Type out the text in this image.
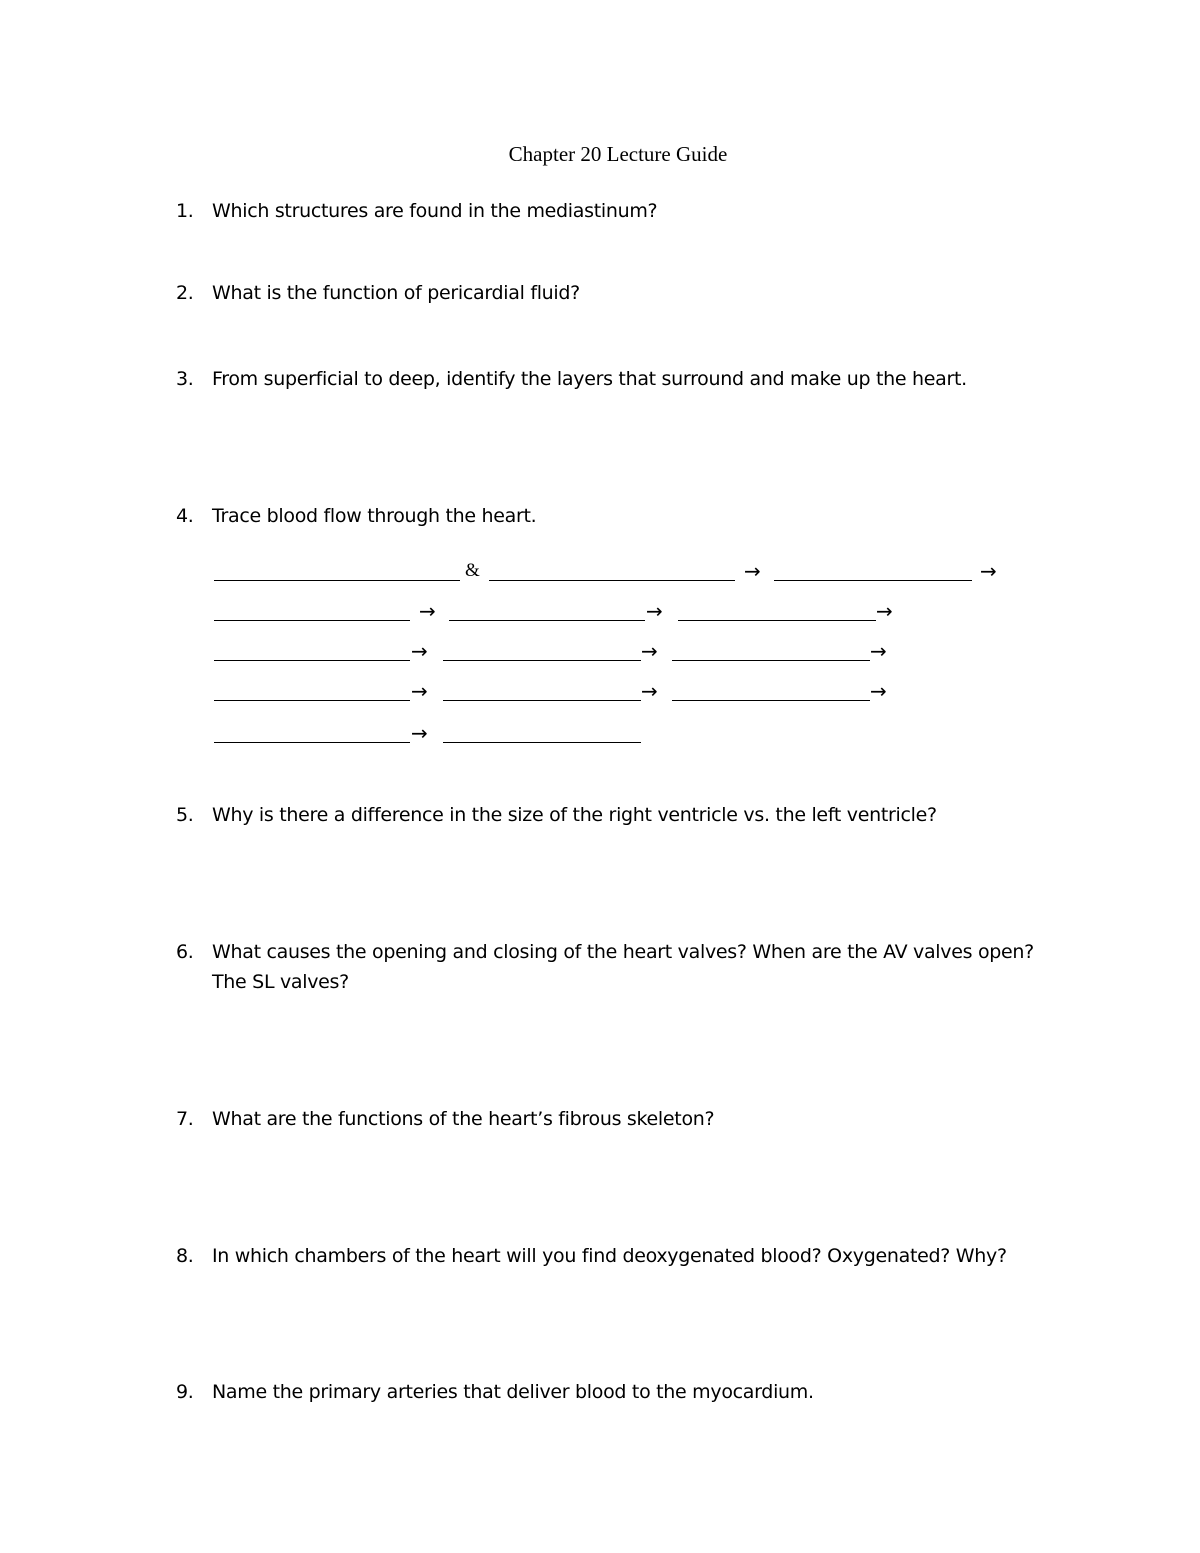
Chapter 20 Lecture Guide
1. Which structures are found in the mediastinum?
2. What is the function of pericardial fluid?
3. From superficial to deep, identify the layers that surround and make up the heart.
4. Trace blood flow through the heart.
&	→	→
→	→	→
→	→	→
→	→	→
→
5. Why is there a difference in the size of the right ventricle vs. the left ventricle?
6. What causes the opening and closing of the heart valves? When are the AV valves open?
The SL valves?
7. What are the functions of the heart’s fibrous skeleton?
8. In which chambers of the heart will you find deoxygenated blood? Oxygenated? Why?
9. Name the primary arteries that deliver blood to the myocardium.
